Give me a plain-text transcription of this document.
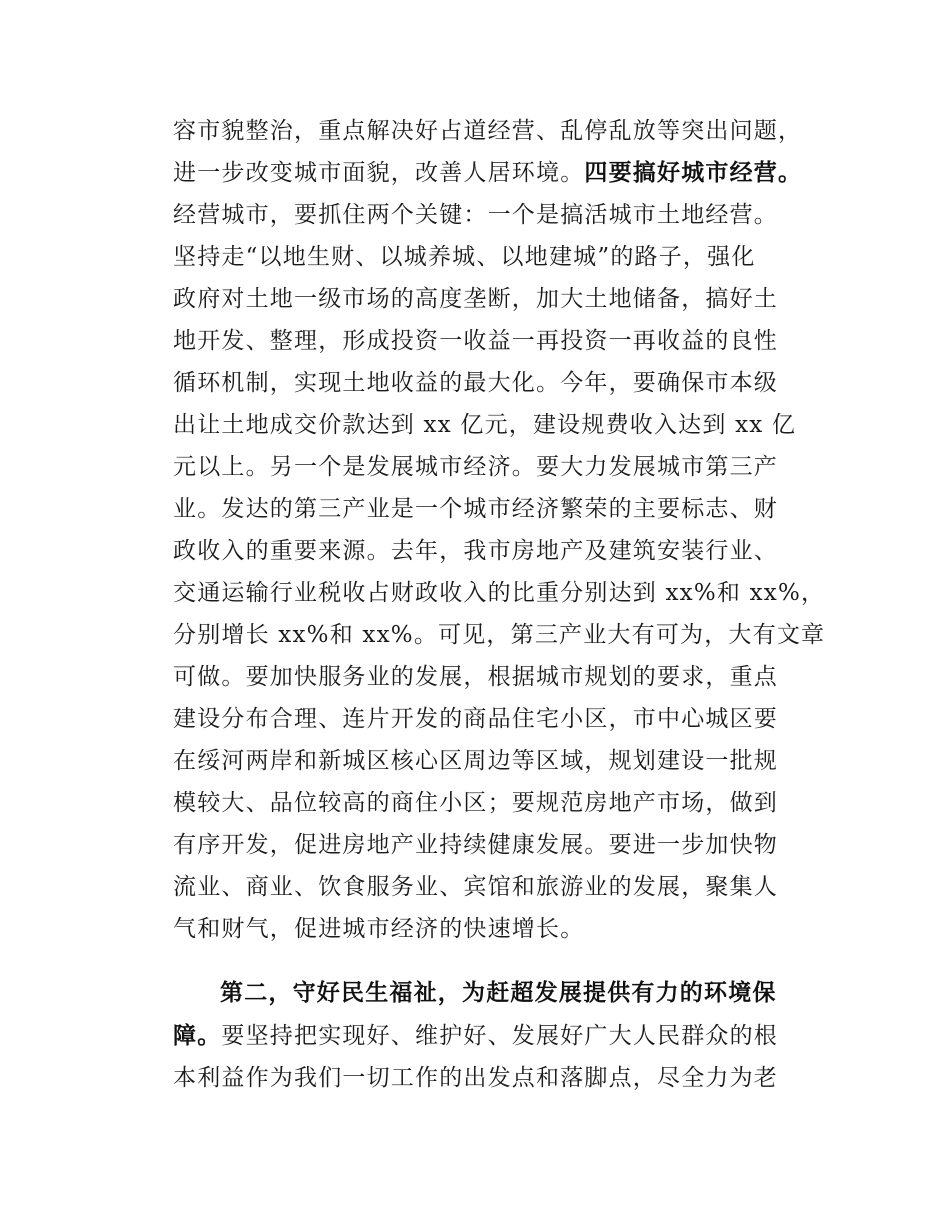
容市貌整治，重点解决好占道经营、乱停乱放等突出问题，
进一步改变城市面貌，改善人居环境。四要搞好城市经营。
经营城市，要抓住两个关键：一个是搞活城市土地经营。
坚持走“以地生财、以城养城、以地建城”的路子，强化
政府对土地一级市场的高度垄断，加大土地储备，搞好土
地开发、整理，形成投资一收益一再投资一再收益的良性
循环机制，实现土地收益的最大化。今年，要确保市本级
出让土地成交价款达到 xx 亿元，建设规费收入达到 xx 亿
元以上。另一个是发展城市经济。要大力发展城市第三产
业。发达的第三产业是一个城市经济繁荣的主要标志、财
政收入的重要来源。去年，我市房地产及建筑安装行业、
交通运输行业税收占财政收入的比重分别达到 xx%和 xx%，
分别增长 xx%和 xx%。可见，第三产业大有可为，大有文章
可做。要加快服务业的发展，根据城市规划的要求，重点
建设分布合理、连片开发的商品住宅小区，市中心城区要
在绥河两岸和新城区核心区周边等区域，规划建设一批规
模较大、品位较高的商住小区；要规范房地产市场，做到
有序开发，促进房地产业持续健康发展。要进一步加快物
流业、商业、饮食服务业、宾馆和旅游业的发展，聚集人
气和财气，促进城市经济的快速增长。
第二，守好民生福祉，为赶超发展提供有力的环境保
障。要坚持把实现好、维护好、发展好广大人民群众的根
本利益作为我们一切工作的出发点和落脚点，尽全力为老
